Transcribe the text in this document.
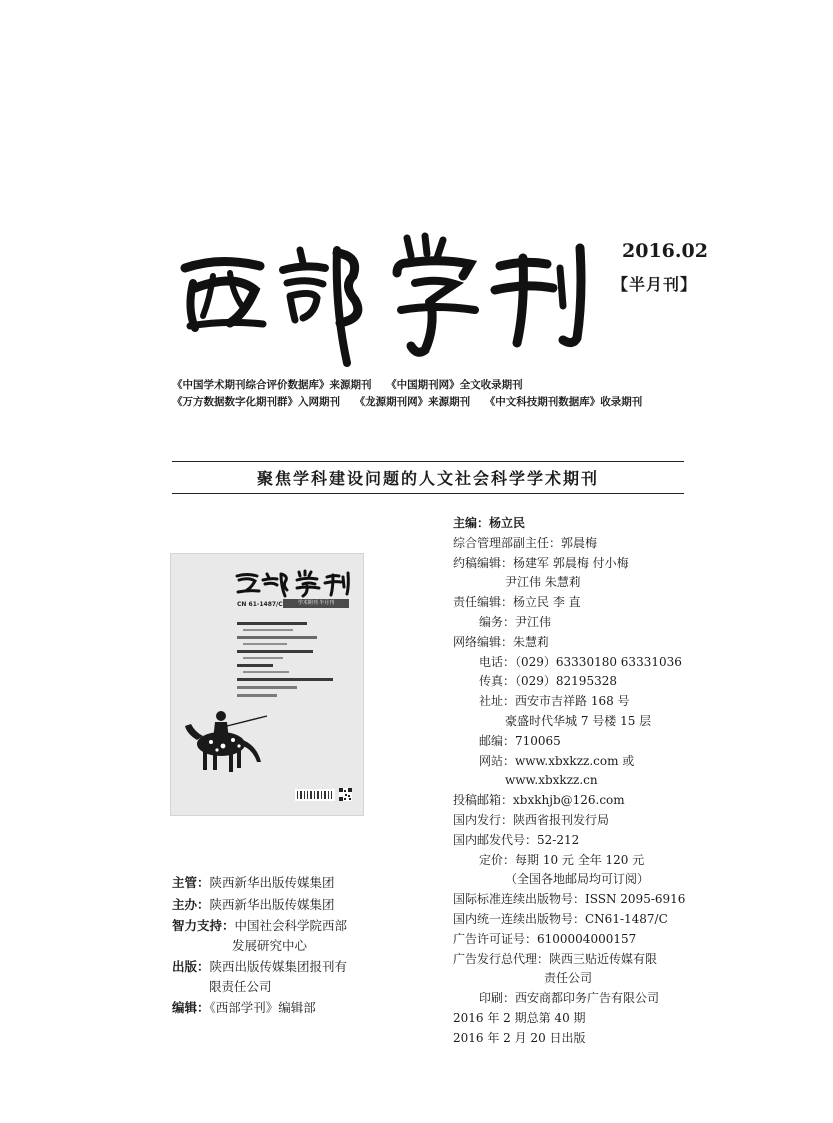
2016.02
【半月刊】
《中国学术期刊综合评价数据库》来源期刊    《中国期刊网》全文收录期刊
《万方数据数字化期刊群》入网期刊    《龙源期刊网》来源期刊    《中文科技期刊数据库》收录期刊
聚焦学科建设问题的人文社会科学学术期刊
CN 61-1487/C	学术期刊 半月刊
主管：陕西新华出版传媒集团
主办：陕西新华出版传媒集团
智力支持：中国社会科学院西部
发展研究中心
出版：陕西出版传媒集团报刊有
限责任公司
编辑：《西部学刊》编辑部
主编：杨立民
综合管理部副主任：郭晨梅
约稿编辑：杨建军 郭晨梅 付小梅
尹江伟 朱慧莉
责任编辑：杨立民 李 直
编务：尹江伟
网络编辑：朱慧莉
电话：（029）63330180 63331036
传真：（029）82195328
社址：西安市吉祥路 168 号
豪盛时代华城 7 号楼 15 层
邮编：710065
网站：www.xbxkzz.com 或
www.xbxkzz.cn
投稿邮箱：xbxkhjb@126.com
国内发行：陕西省报刊发行局
国内邮发代号：52-212
定价：每期 10 元 全年 120 元
（全国各地邮局均可订阅）
国际标准连续出版物号：ISSN 2095-6916
国内统一连续出版物号：CN61-1487/C
广告许可证号：6100004000157
广告发行总代理：陕西三贴近传媒有限
责任公司
印刷：西安商都印务广告有限公司
2016 年 2 期总第 40 期
2016 年 2 月 20 日出版
